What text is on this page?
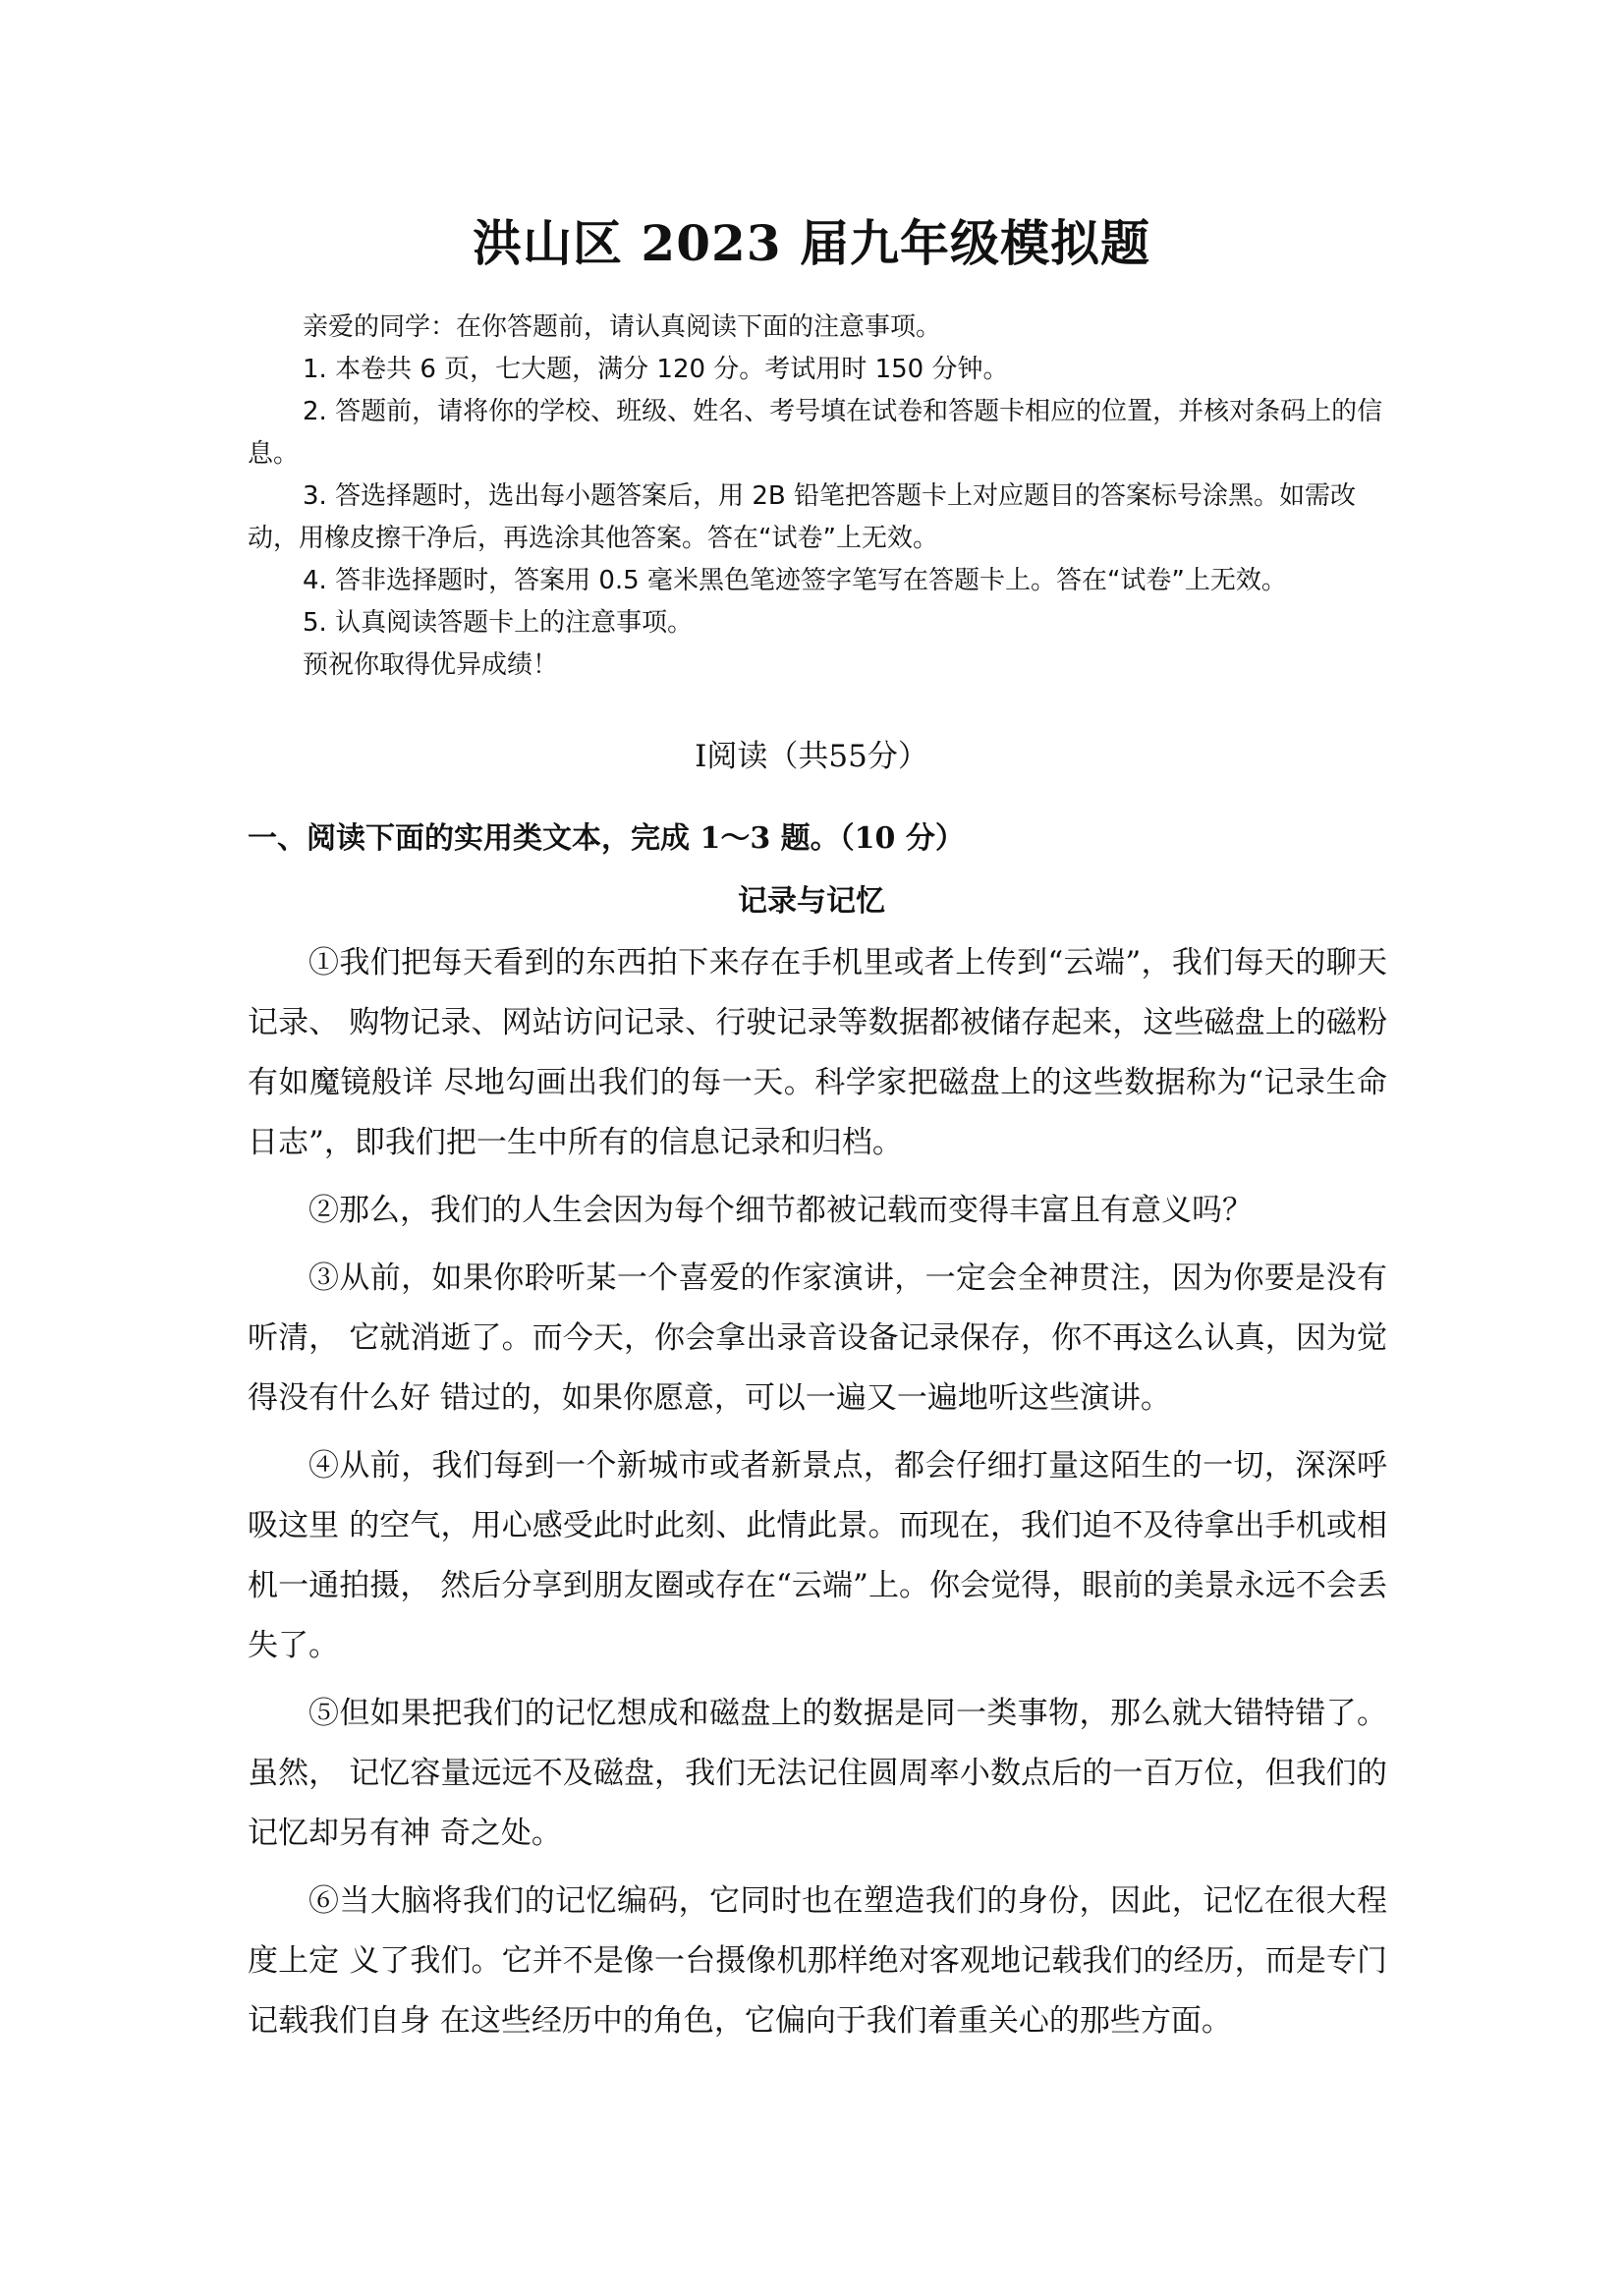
洪山区 2023 届九年级模拟题

亲爱的同学：在你答题前，请认真阅读下面的注意事项。

1. 本卷共 6 页，七大题，满分 120 分。考试用时 150 分钟。

2. 答题前，请将你的学校、班级、姓名、考号填在试卷和答题卡相应的位置，并核对条码上的信息。

3. 答选择题时，选出每小题答案后，用 2B 铅笔把答题卡上对应题目的答案标号涂黑。如需改动，用橡皮擦干净后，再选涂其他答案。答在“试卷”上无效。

4. 答非选择题时，答案用 0.5 毫米黑色笔迹签字笔写在答题卡上。答在“试卷”上无效。

5. 认真阅读答题卡上的注意事项。

预祝你取得优异成绩！

Ⅰ阅读（共55分）
一、阅读下面的实用类文本，完成 1～3 题。（10 分）
记录与记忆

①我们把每天看到的东西拍下来存在手机里或者上传到“云端”，我们每天的聊天记录、 购物记录、网站访问记录、行驶记录等数据都被储存起来，这些磁盘上的磁粉有如魔镜般详 尽地勾画出我们的每一天。科学家把磁盘上的这些数据称为“记录生命日志”，即我们把一生中所有的信息记录和归档。

②那么，我们的人生会因为每个细节都被记载而变得丰富且有意义吗？

③从前，如果你聆听某一个喜爱的作家演讲，一定会全神贯注，因为你要是没有听清， 它就消逝了。而今天，你会拿出录音设备记录保存，你不再这么认真，因为觉得没有什么好 错过的，如果你愿意，可以一遍又一遍地听这些演讲。

④从前，我们每到一个新城市或者新景点，都会仔细打量这陌生的一切，深深呼吸这里 的空气，用心感受此时此刻、此情此景。而现在，我们迫不及待拿出手机或相机一通拍摄， 然后分享到朋友圈或存在“云端”上。你会觉得，眼前的美景永远不会丢失了。

⑤但如果把我们的记忆想成和磁盘上的数据是同一类事物，那么就大错特错了。虽然， 记忆容量远远不及磁盘，我们无法记住圆周率小数点后的一百万位，但我们的记忆却另有神 奇之处。

⑥当大脑将我们的记忆编码，它同时也在塑造我们的身份，因此，记忆在很大程度上定 义了我们。它并不是像一台摄像机那样绝对客观地记载我们的经历，而是专门记载我们自身 在这些经历中的角色，它偏向于我们着重关心的那些方面。
